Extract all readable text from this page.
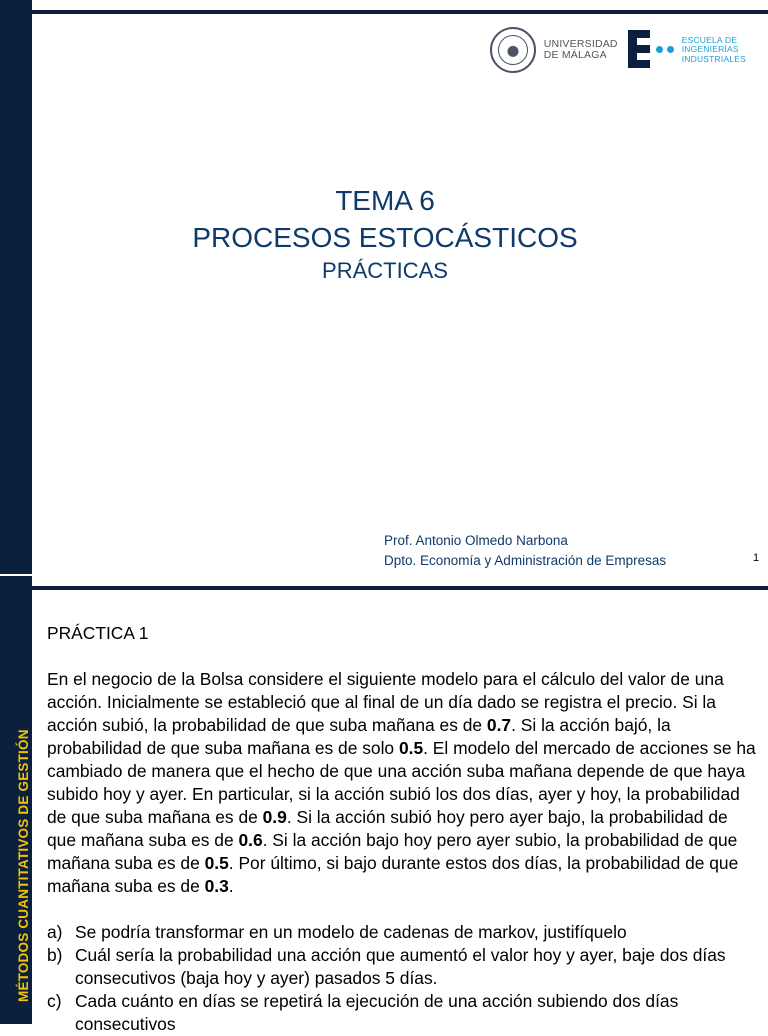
MÉTODOS CUANTITATIVOS DE GESTIÓN
UNIVERSIDAD
DE MÁLAGA
ESCUELA DE
INGENIERÍAS
INDUSTRIALES
TEMA 6
PROCESOS ESTOCÁSTICOS
PRÁCTICAS
Prof. Antonio Olmedo Narbona
Dpto. Economía y Administración de Empresas	1
PRÁCTICA 1
En el negocio de la Bolsa considere el siguiente modelo para el cálculo del valor de una acción. Inicialmente se estableció que al final de un día dado se registra el precio. Si la acción subió, la probabilidad de que suba mañana es de 0.7. Si la acción bajó, la probabilidad de que suba mañana es de solo 0.5. El modelo del mercado de acciones se ha cambiado de manera que el hecho de que una acción suba mañana depende de que haya subido hoy y ayer. En particular, si la acción subió los dos días, ayer y hoy, la probabilidad de que suba mañana es de 0.9. Si la acción subió hoy pero ayer bajo, la probabilidad de que mañana suba es de 0.6. Si la acción bajo hoy pero ayer subio, la probabilidad de que mañana suba es de 0.5. Por último, si bajo durante estos dos días, la probabilidad de que mañana suba es de 0.3.
a) Se podría transformar en un modelo de cadenas de markov, justifíquelo
b) Cuál sería la probabilidad una acción que aumentó el valor hoy y ayer, baje dos días consecutivos (baja hoy y ayer) pasados 5 días.
c) Cada cuánto en días se repetirá la ejecución de una acción subiendo dos días consecutivos
